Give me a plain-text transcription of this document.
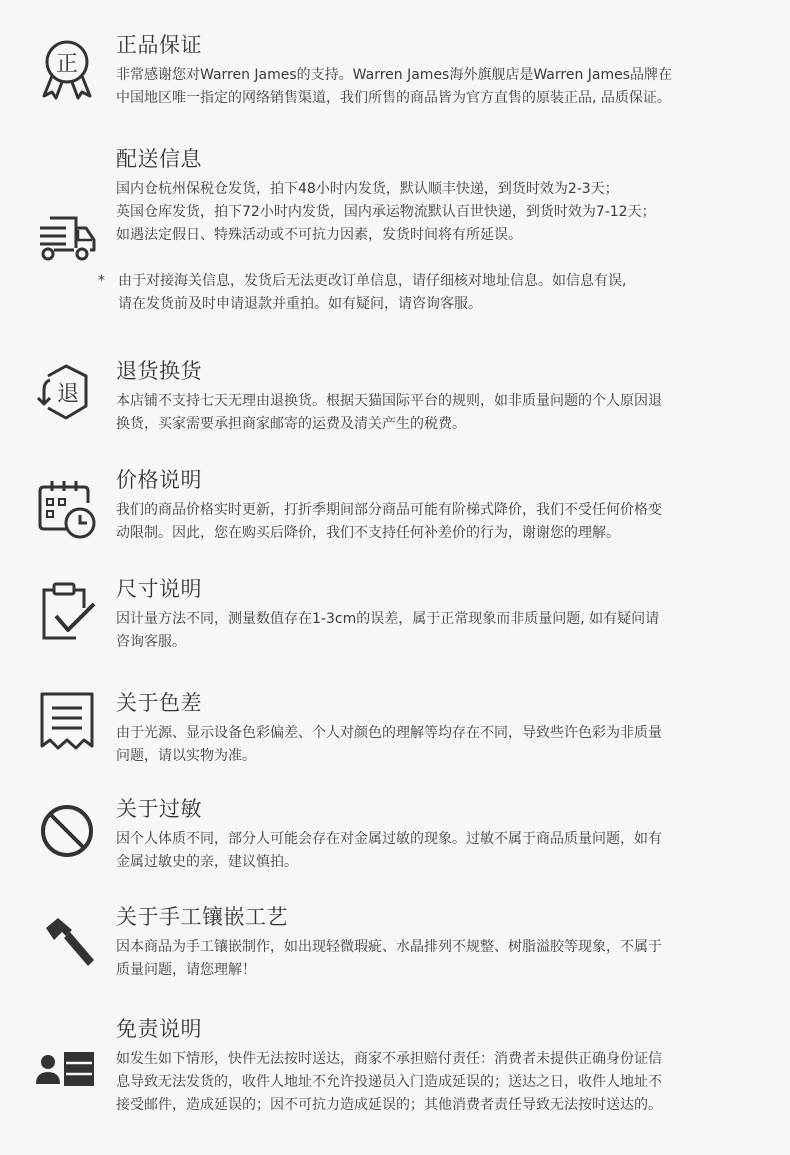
正
正品保证

非常感谢您对Warren James的支持。Warren James海外旗舰店是Warren James品牌在

中国地区唯一指定的网络销售渠道，我们所售的商品皆为官方直售的原装正品, 品质保证。

配送信息

国内仓杭州保税仓发货，拍下48小时内发货，默认顺丰快递，到货时效为2-3天；

英国仓库发货，拍下72小时内发货，国内承运物流默认百世快递，到货时效为7-12天；

如遇法定假日、特殊活动或不可抗力因素，发货时间将有所延误。

* 由于对接海关信息，发货后无法更改订单信息，请仔细核对地址信息。如信息有误,

请在发货前及时申请退款并重拍。如有疑问，请咨询客服。

退
退货换货

本店铺不支持七天无理由退换货。根据天猫国际平台的规则，如非质量问题的个人原因退

换货，买家需要承担商家邮寄的运费及清关产生的税费。

价格说明

我们的商品价格实时更新，打折季期间部分商品可能有阶梯式降价，我们不受任何价格变

动限制。因此，您在购买后降价，我们不支持任何补差价的行为，谢谢您的理解。

尺寸说明

因计量方法不同，测量数值存在1-3cm的误差，属于正常现象而非质量问题, 如有疑问请

咨询客服。

关于色差

由于光源、显示设备色彩偏差、个人对颜色的理解等均存在不同，导致些许色彩为非质量

问题，请以实物为准。

关于过敏

因个人体质不同，部分人可能会存在对金属过敏的现象。过敏不属于商品质量问题，如有

金属过敏史的亲，建议慎拍。

关于手工镶嵌工艺

因本商品为手工镶嵌制作，如出现轻微瑕疵、水晶排列不规整、树脂溢胶等现象，不属于

质量问题，请您理解！

免责说明

如发生如下情形，快件无法按时送达，商家不承担赔付责任：消费者未提供正确身份证信

息导致无法发货的，收件人地址不允许投递员入门造成延误的；送达之日，收件人地址不

接受邮件，造成延误的；因不可抗力造成延误的；其他消费者责任导致无法按时送达的。
